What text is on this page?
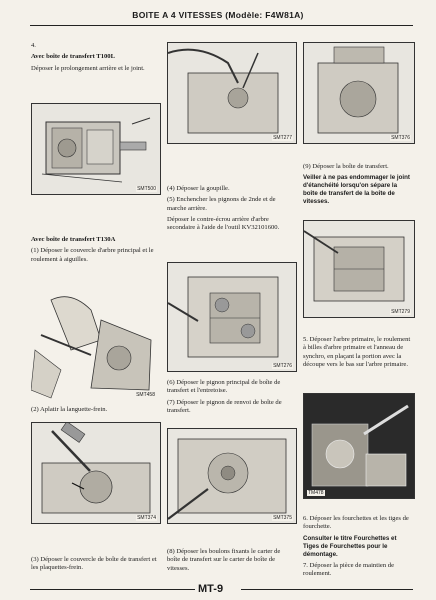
BOITE A 4 VITESSES (Modèle: F4W81A)

4.

Avec boîte de transfert T100L

Déposer le prolongement arrière et le joint.

SMT500

Avec boîte de transfert T130A

(1) Déposer le couvercle d'arbre principal et le roulement à aiguilles.

SMT458

(2) Aplatir la languette-frein.

SMT374

(3) Déposer le couvercle de boîte de transfert et les plaquettes-frein.

SMT277

(4) Déposer la goupille.

(5) Enchencher les pignons de 2nde et de marche arrière.

Déposer le contre-écrou arrière d'arbre secondaire à l'aide de l'outil KV32101600.

SMT276

(6) Déposer le pignon principal de boîte de transfert et l'entretoise.

(7) Déposer le pignon de renvoi de boîte de transfert.

SMT375

(8) Déposer les boulons fixants le carter de boîte de transfert sur le carter de boîte de vitesses.

SMT376

(9) Déposer la boîte de transfert.

Veiller à ne pas endommager le joint d'étanchéité lorsqu'on sépare la boîte de transfert de la boîte de vitesses.

SMT279

5. Déposer l'arbre primaire, le roulement à billes d'arbre primaire et l'anneau de synchro, en plaçant la portion avec la découpe vers le bas sur l'arbre primaire.

TM478

6. Déposer les fourchettes et les tiges de fourchette.

Consulter le titre Fourchettes et Tiges de Fourchettes pour le démontage.

7. Déposer la pièce de maintien de roulement.

MT-9
